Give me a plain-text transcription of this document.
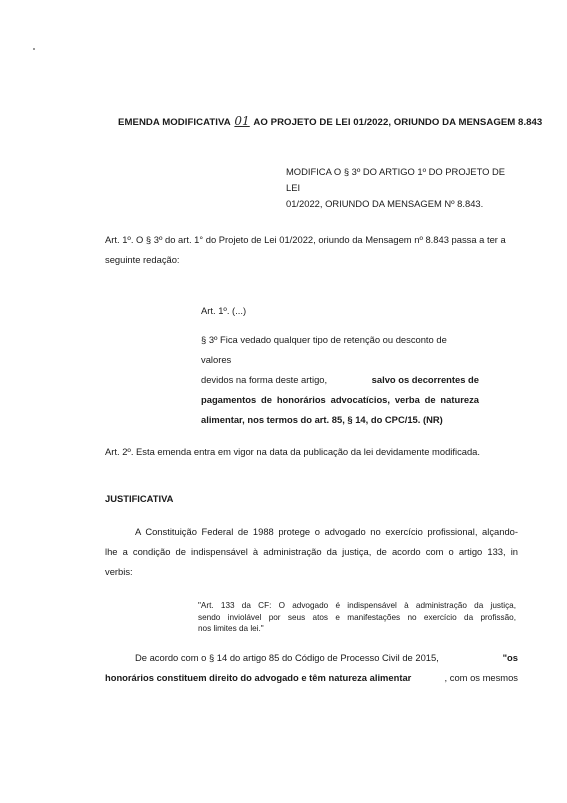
EMENDA MODIFICATIVA 01 AO PROJETO DE LEI 01/2022, ORIUNDO DA MENSAGEM 8.843
MODIFICA O § 3º DO ARTIGO 1º DO PROJETO DE LEI
01/2022, ORIUNDO DA MENSAGEM Nº 8.843.
Art. 1º. O § 3º do art. 1° do Projeto de Lei 01/2022, oriundo da Mensagem nº 8.843 passa a ter a
seguinte redação:
Art. 1º. (...)
§ 3º Fica vedado qualquer tipo de retenção ou desconto de valores
devidos na forma deste artigo,	salvo os decorrentes de
pagamentos de honorários advocatícios, verba de natureza
alimentar, nos termos do art. 85, § 14, do CPC/15. (NR)
Art. 2º. Esta emenda entra em vigor na data da publicação da lei devidamente modificada.
JUSTIFICATIVA
A Constituição Federal de 1988 protege o advogado no exercício profissional, alçando-
lhe a condição de indispensável à administração da justiça, de acordo com o artigo 133, in
verbis:
"Art. 133 da CF: O advogado é indispensável à administração da justiça,
sendo inviolável por seus atos e manifestações no exercício da profissão,
nos limites da lei."
De acordo com o § 14 do artigo 85 do Código de Processo Civil de 2015,	"os
honorários constituem direito do advogado e têm natureza alimentar	, com os mesmos
